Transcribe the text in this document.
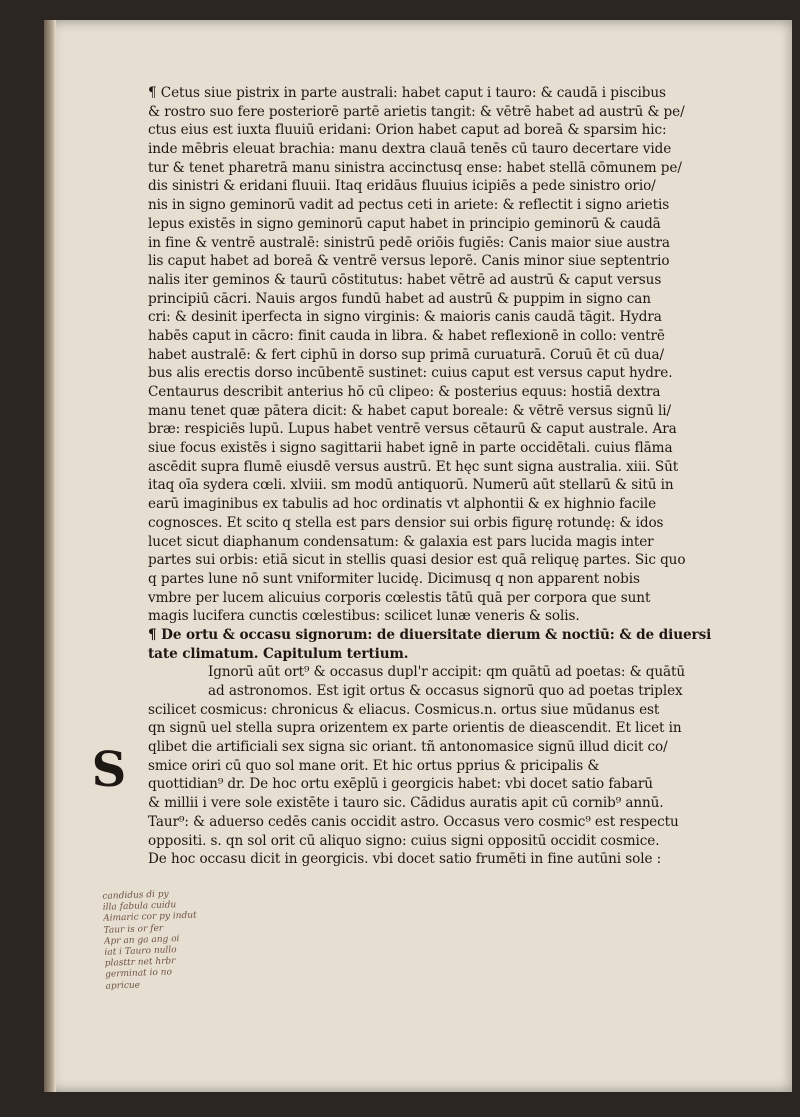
S
¶ Cetus siue pistrix in parte australi: habet caput i tauro: & caudā i piscibus
& rostro suo fere posteriorē partē arietis tangit: & vētrē habet ad austrū & pe/
ctus eius est iuxta fluuiū eridani: Orion habet caput ad boreā & sparsim hic:
inde mēbris eleuat brachia: manu dextra clauā tenēs cū tauro decertare vide
tur & tenet pharetrā manu sinistra accinctusq ense: habet stellā cōmunem pe/
dis sinistri & eridani fluuii. Itaq eridāus fluuius icipiēs a pede sinistro orio/
nis in signo geminorū vadit ad pectus ceti in ariete: & reflectit i signo arietis
lepus existēs in signo geminorū caput habet in principio geminorū & caudā
in fine & ventrē australē: sinistrū pedē oriōis fugiēs: Canis maior siue austra
lis caput habet ad boreā & ventrē versus leporē. Canis minor siue septentrio
nalis iter geminos & taurū cōstitutus: habet vētrē ad austrū & caput versus
principiū cācri. Nauis argos fundū habet ad austrū & puppim in signo can
cri: & desinit iperfecta in signo virginis: & maioris canis caudā tāgit. Hydra
habēs caput in cācro: finit cauda in libra. & habet reflexionē in collo: ventrē
habet australē: & fert ciphū in dorso sup primā curuaturā. Coruū ēt cū dua/
bus alis erectis dorso incūbentē sustinet: cuius caput est versus caput hydre.
Centaurus describit anterius hō cū clipeo: & posterius equus: hostiā dextra
manu tenet quæ pātera dicit: & habet caput boreale: & vētrē versus signū li/
bræ: respiciēs lupū. Lupus habet ventrē versus cētaurū & caput australe. Ara
siue focus existēs i signo sagittarii habet ignē in parte occidētali. cuius flāma
ascēdit supra flumē eiusdē versus austrū. Et hęc sunt signa australia. xiii. Sūt
itaq oīa sydera cœli. xlviii. sm modū antiquorū. Numerū aūt stellarū & sitū in
earū imaginibus ex tabulis ad hoc ordinatis vt alphontii & ex highnio facile
cognosces. Et scito q stella est pars densior sui orbis figurę rotundę: & idos
lucet sicut diaphanum condensatum: & galaxia est pars lucida magis inter
partes sui orbis: etiā sicut in stellis quasi desior est quā reliquę partes. Sic quo
q partes lune nō sunt vniformiter lucidę. Dicimusq q non apparent nobis
vmbre per lucem alicuius corporis cœlestis tātū quā per corpora que sunt
magis lucifera cunctis cœlestibus: scilicet lunæ veneris & solis.
¶ De ortu & occasu signorum: de diuersitate dierum & noctiū: & de diuersi
tate climatum. Capitulum tertium.
Ignorū aūt ort⁹ & occasus dupl'r accipit: qm quātū ad poetas: & quātū
ad astronomos. Est igit ortus & occasus signorū quo ad poetas triplex
scilicet cosmicus: chronicus & eliacus. Cosmicus.n. ortus siue mūdanus est
qn signū uel stella supra orizentem ex parte orientis de dieascendit. Et licet in
qlibet die artificiali sex signa sic oriant. tñ antonomasice signū illud dicit co/
smice oriri cū quo sol mane orit. Et hic ortus pprius & pricipalis &
quottidian⁹ dr. De hoc ortu exēplū i georgicis habet: vbi docet satio fabarū
& millii i vere sole existēte i tauro sic. Cādidus auratis apit cū cornib⁹ annū.
Taur⁹: & aduerso cedēs canis occidit astro. Occasus vero cosmic⁹ est respectu
oppositi. s. qn sol orit cū aliquo signo: cuius signi oppositū occidit cosmice.
De hoc occasu dicit in georgicis. vbi docet satio frumēti in fine autūni sole :
candidus di py
illa fabula cuidu
Aimaric cor py indut
Taur is or fer
Apr an ga ang oi
iat i Tauro nullo
plasttr net hrbr
germinat io no
apricue
